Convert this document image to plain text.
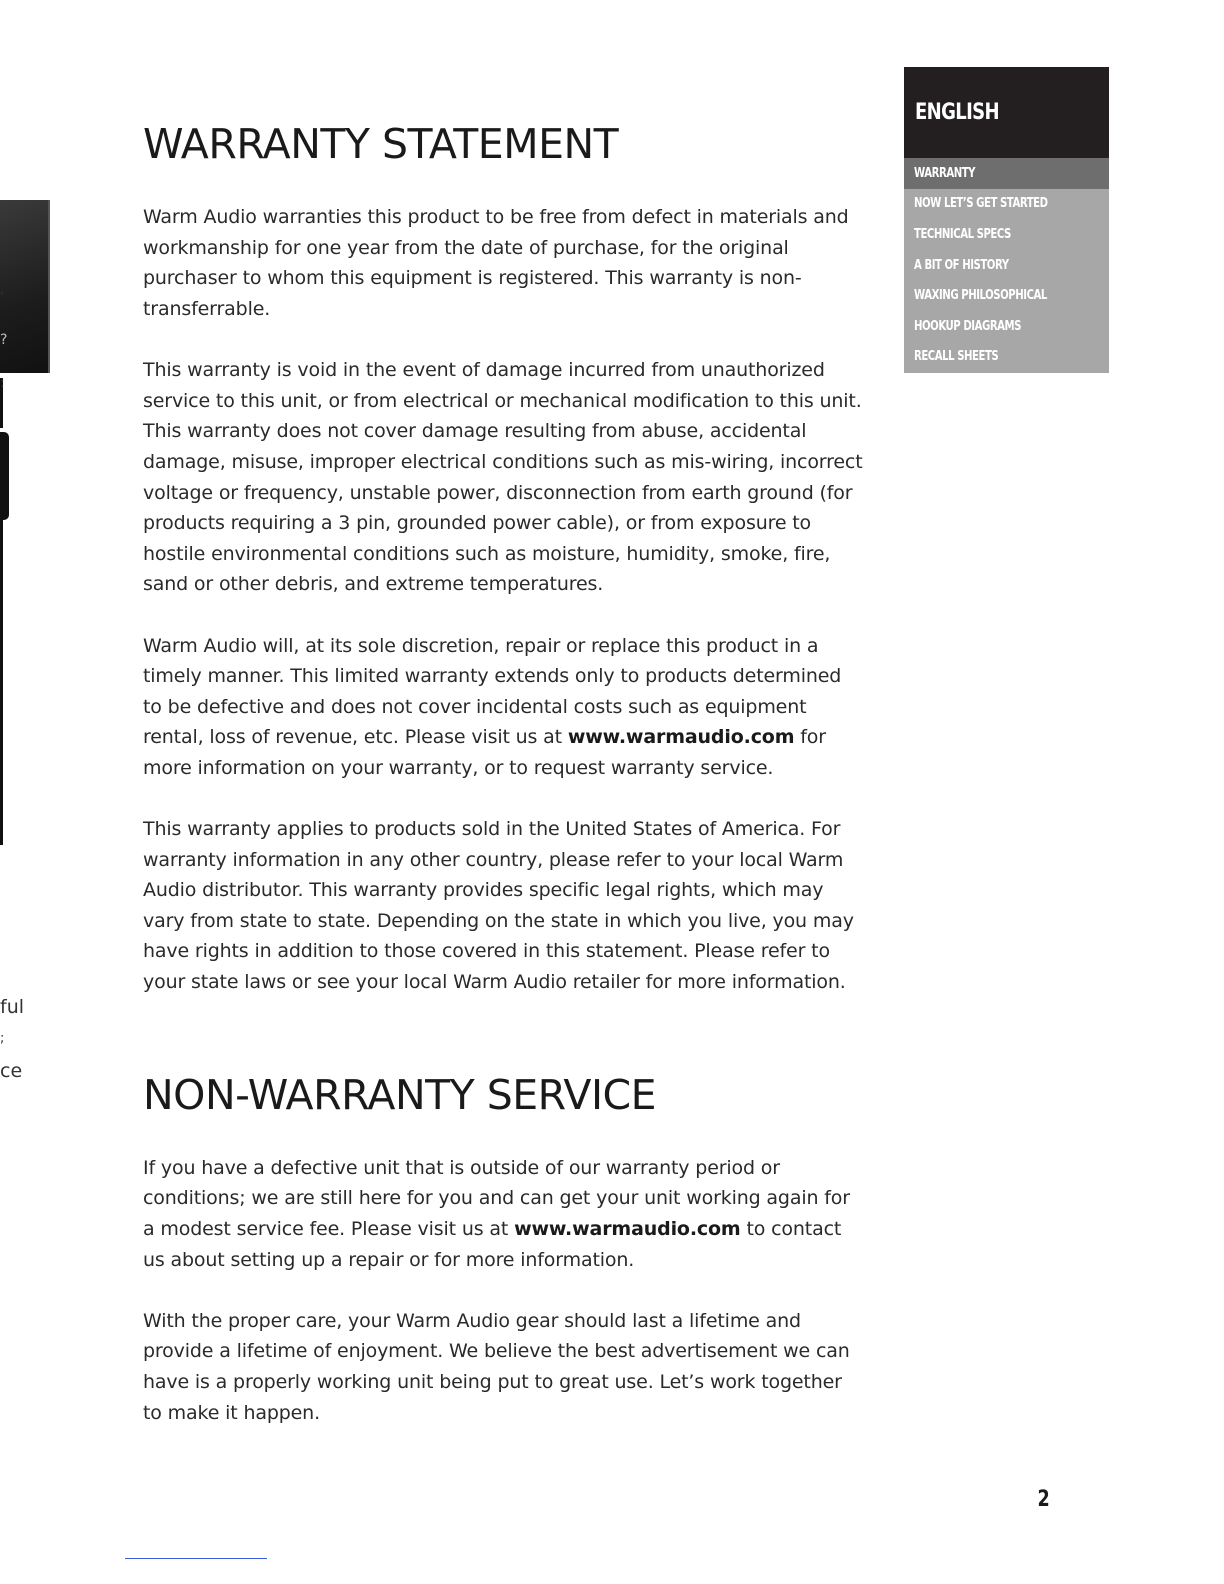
,
?
:
ful
;
ce
WARRANTY STATEMENT

Warm Audio warranties this product to be free from defect in materials and workmanship for one year from the date of purchase, for the original purchaser to whom this equipment is registered. This warranty is non-transferrable.

This warranty is void in the event of damage incurred from unauthorized service to this unit, or from electrical or mechanical modification to this unit. This warranty does not cover damage resulting from abuse, accidental damage, misuse, improper electrical conditions such as mis-wiring, incorrect voltage or frequency, unstable power, disconnection from earth ground (for products requiring a 3 pin, grounded power cable), or from exposure to hostile environmental conditions such as moisture, humidity, smoke, fire, sand or other debris, and extreme temperatures.

Warm Audio will, at its sole discretion, repair or replace this product in a timely manner. This limited warranty extends only to products determined to be defective and does not cover incidental costs such as equipment rental, loss of revenue, etc. Please visit us at www.warmaudio.com for more information on your warranty, or to request warranty service.

This warranty applies to products sold in the United States of America. For warranty information in any other country, please refer to your local Warm Audio distributor. This warranty provides specific legal rights, which may vary from state to state. Depending on the state in which you live, you may have rights in addition to those covered in this statement. Please refer to your state laws or see your local Warm Audio retailer for more information.

NON-WARRANTY SERVICE

If you have a defective unit that is outside of our warranty period or conditions; we are still here for you and can get your unit working again for a modest service fee. Please visit us at www.warmaudio.com to contact us about setting up a repair or for more information.

With the proper care, your Warm Audio gear should last a lifetime and provide a lifetime of enjoyment. We believe the best advertisement we can have is a properly working unit being put to great use. Let’s work together to make it happen.

ENGLISH
WARRANTY
NOW LET’S GET STARTED
TECHNICAL SPECS
A BIT OF HISTORY
WAXING PHILOSOPHICAL
HOOKUP DIAGRAMS
RECALL SHEETS
2
